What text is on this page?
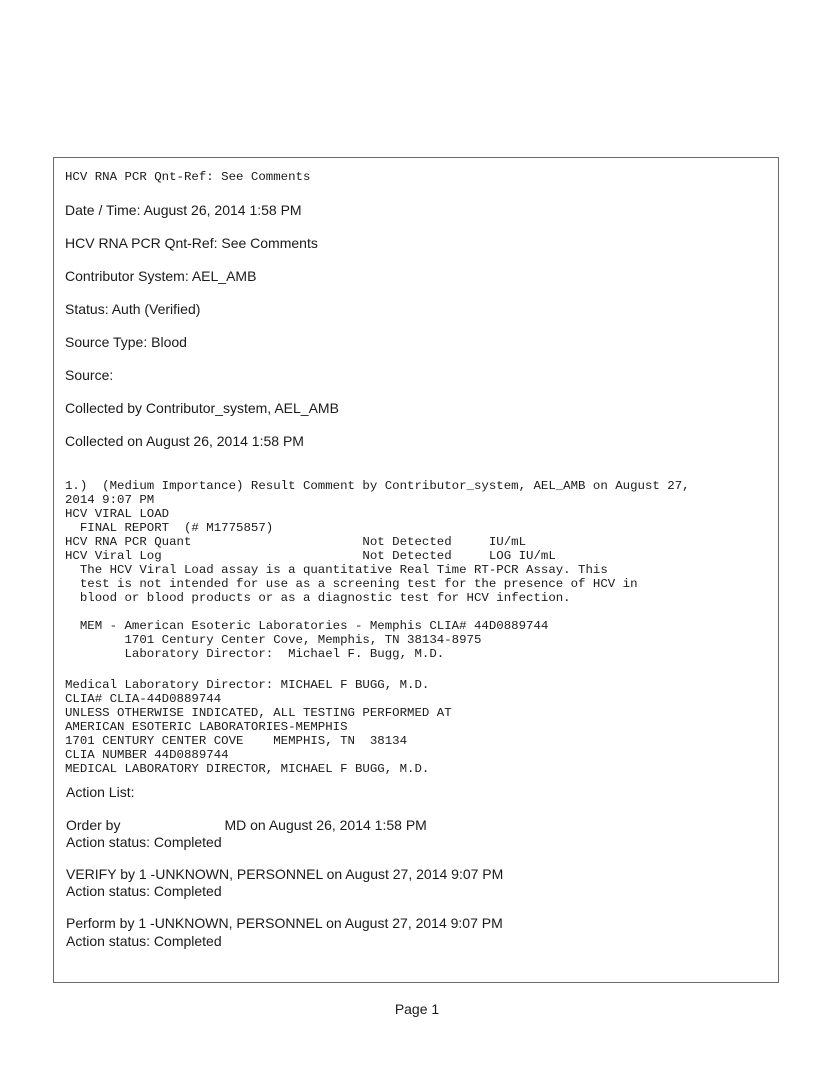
HCV RNA PCR Qnt-Ref: See Comments
Date / Time: August 26, 2014 1:58 PM
HCV RNA PCR Qnt-Ref: See Comments
Contributor System: AEL_AMB
Status: Auth (Verified)
Source Type: Blood
Source:
Collected by Contributor_system, AEL_AMB
Collected on August 26, 2014 1:58 PM

1.)  (Medium Importance) Result Comment by Contributor_system, AEL_AMB on August 27,
2014 9:07 PM
HCV VIRAL LOAD
FINAL REPORT  (# M1775857)
HCV RNA PCR Quant                       Not Detected     IU/mL
HCV Viral Log                           Not Detected     LOG IU/mL
The HCV Viral Load assay is a quantitative Real Time RT-PCR Assay. This
test is not intended for use as a screening test for the presence of HCV in
blood or blood products or as a diagnostic test for HCV infection.
MEM - American Esoteric Laboratories - Memphis CLIA# 44D0889744
1701 Century Center Cove, Memphis, TN 38134-8975
Laboratory Director:  Michael F. Bugg, M.D.

Medical Laboratory Director: MICHAEL F BUGG, M.D.
CLIA# CLIA-44D0889744
UNLESS OTHERWISE INDICATED, ALL TESTING PERFORMED AT
AMERICAN ESOTERIC LABORATORIES-MEMPHIS
1701 CENTURY CENTER COVE    MEMPHIS, TN  38134
CLIA NUMBER 44D0889744
MEDICAL LABORATORY DIRECTOR, MICHAEL F BUGG, M.D.

Action List:
Order by	MD on August 26, 2014 1:58 PM
Action status: Completed
VERIFY by 1 -UNKNOWN, PERSONNEL on August 27, 2014 9:07 PM
Action status: Completed
Perform by 1 -UNKNOWN, PERSONNEL on August 27, 2014 9:07 PM
Action status: Completed
Page 1
